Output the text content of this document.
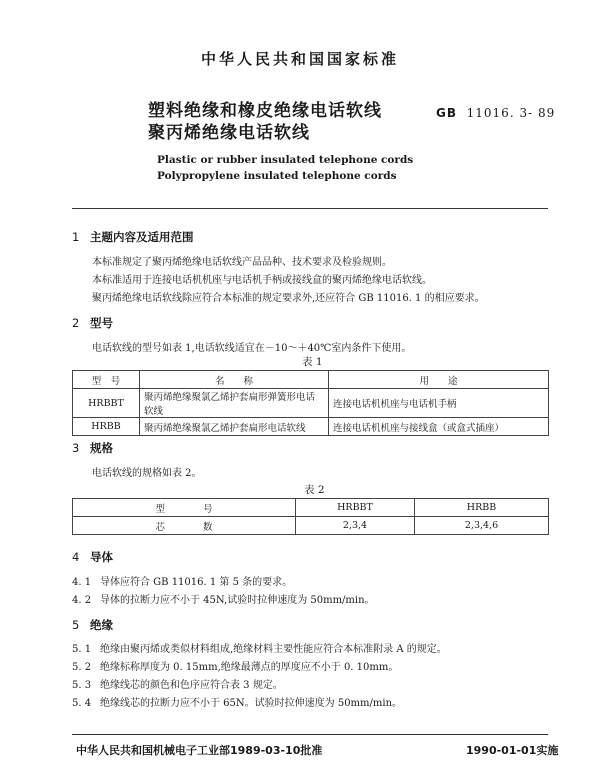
中华人民共和国国家标准
塑料绝缘和橡皮绝缘电话软线
聚丙烯绝缘电话软线
GB 11016. 3- 89
Plastic or rubber insulated telephone cords
Polypropylene insulated telephone cords
1 主题内容及适用范围
本标准规定了聚丙烯绝缘电话软线产品品种、技术要求及检验规则。
本标准适用于连接电话机机座与电话机手柄或接线盒的聚丙烯绝缘电话软线。
聚丙烯绝缘电话软线除应符合本标准的规定要求外,还应符合 GB 11016. 1 的相应要求。
2 型号
电话软线的型号如表 1,电话软线适宜在－10～＋40℃室内条件下使用。
表 1
型　号	名　　称	用　　途
HRBBT	聚丙烯绝缘聚氯乙烯护套扁形弹簧形电话软线	连接电话机机座与电话机手柄
HRBB	聚丙烯绝缘聚氯乙烯护套扁形电话软线	连接电话机机座与接线盒（或盒式插座）
3 规格
电话软线的规格如表 2。
表 2
型　　　　号	HRBBT	HRBB
芯　　　　数	2,3,4	2,3,4,6
4 导体
4. 1 导体应符合 GB 11016. 1 第 5 条的要求。
4. 2 导体的拉断力应不小于 45N,试验时拉伸速度为 50mm/min。
5 绝缘
5. 1 绝缘由聚丙烯或类似材料组成,绝缘材料主要性能应符合本标准附录 A 的规定。
5. 2 绝缘标称厚度为 0. 15mm,绝缘最薄点的厚度应不小于 0. 10mm。
5. 3 绝缘线芯的颜色和色序应符合表 3 规定。
5. 4 绝缘线芯的拉断力应不小于 65N。试验时拉伸速度为 50mm/min。
中华人民共和国机械电子工业部1989-03-10批准	1990-01-01实施
